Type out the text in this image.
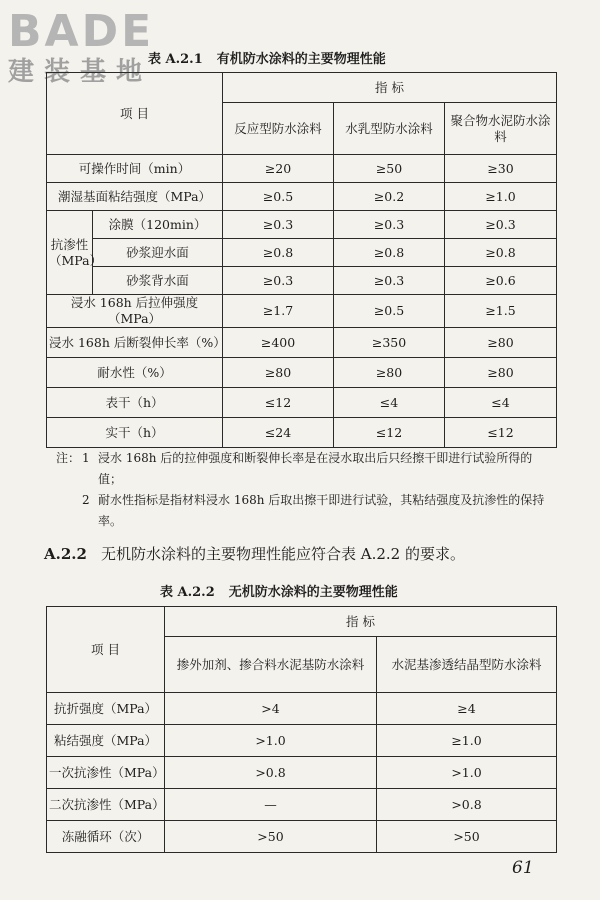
BADE
建装基地
表 A.2.1 有机防水涂料的主要物理性能
项 目		指 标		
		反应型防水涂料	水乳型防水涂料	聚合物水泥防水涂料
可操作时间（min）		≥20	≥50	≥30
潮湿基面粘结强度（MPa）		≥0.5	≥0.2	≥1.0
抗渗性（MPa）	涂膜（120min）	≥0.3	≥0.3	≥0.3
	砂浆迎水面	≥0.8	≥0.8	≥0.8
	砂浆背水面	≥0.3	≥0.3	≥0.6
浸水 168h 后拉伸强度（MPa）		≥1.7	≥0.5	≥1.5
浸水 168h 后断裂伸长率（%）		≥400	≥350	≥80
耐水性（%）		≥80	≥80	≥80
表干（h）		≤12	≤4	≤4
实干（h）		≤24	≤12	≤12
注： 1 浸水 168h 后的拉伸强度和断裂伸长率是在浸水取出后只经擦干即进行试验所得的值；
2 耐水性指标是指材料浸水 168h 后取出擦干即进行试验，其粘结强度及抗渗性的保持率。
A.2.2 无机防水涂料的主要物理性能应符合表 A.2.2 的要求。
表 A.2.2 无机防水涂料的主要物理性能
项 目	指 标	
	掺外加剂、掺合料水泥基防水涂料	水泥基渗透结晶型防水涂料
抗折强度（MPa）	>4	≥4
粘结强度（MPa）	>1.0	≥1.0
一次抗渗性（MPa）	>0.8	>1.0
二次抗渗性（MPa）	—	>0.8
冻融循环（次）	>50	>50
61
